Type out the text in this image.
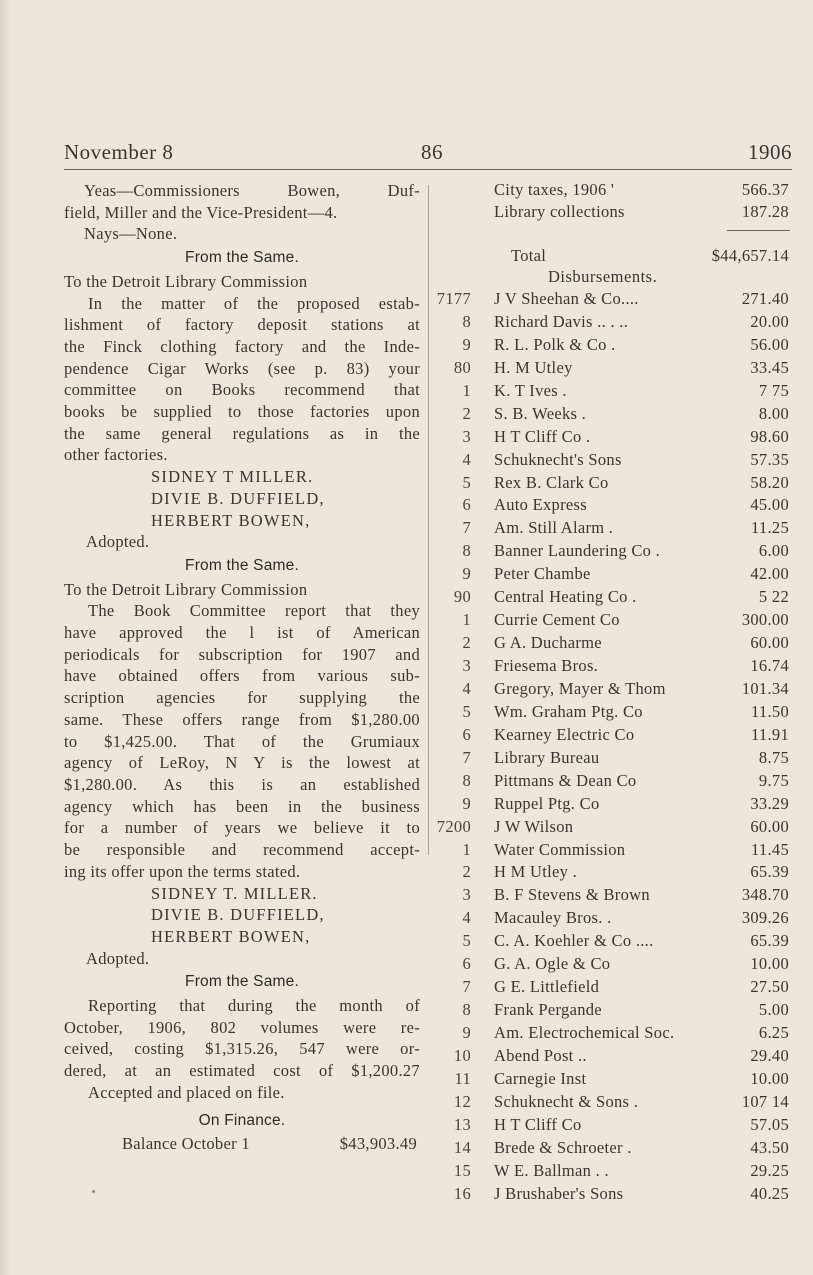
November 8	86	1906

Yeas—Commissioners Bowen, Duf-

field, Miller and the Vice-President—4.

Nays—None.

From the Same.

To the Detroit Library Commission

In the matter of the proposed estab-

lishment of factory deposit stations at

the Finck clothing factory and the Inde-

pendence Cigar Works (see p. 83) your

committee on Books recommend that

books be supplied to those factories upon

the same general regulations as in the

other factories.

SIDNEY T MILLER.

DIVIE B. DUFFIELD,

HERBERT BOWEN,

Adopted.

From the Same.

To the Detroit Library Commission

The Book Committee report that they

have approved the l ist of American

periodicals for subscription for 1907 and

have obtained offers from various sub-

scription agencies for supplying the

same. These offers range from $1,280.00

to $1,425.00. That of the Grumiaux

agency of LeRoy, N Y is the lowest at

$1,280.00. As this is an established

agency which has been in the business

for a number of years we believe it to

be responsible and recommend accept-

ing its offer upon the terms stated.

SIDNEY T. MILLER.

DIVIE B. DUFFIELD,

HERBERT BOWEN,

Adopted.

From the Same.

Reporting that during the month of

October, 1906, 802 volumes were re-

ceived, costing $1,315.26, 547 were or-

dered, at an estimated cost of $1,200.27

Accepted and placed on file.

On Finance.

Balance October 1	$43,903.49

City taxes, 1906 '	566.37
Library collections	187.28
Total	$44,657.14
Disbursements.
7177 J V Sheehan & Co....	271.40
8 Richard Davis .. . ..	20.00
9 R. L. Polk & Co .	56.00
80 H. M Utley	33.45
1 K. T Ives .	7 75
2 S. B. Weeks .	8.00
3 H T Cliff Co .	98.60
4 Schuknecht's Sons	57.35
5 Rex B. Clark Co	58.20
6 Auto Express	45.00
7 Am. Still Alarm .	11.25
8 Banner Laundering Co .	6.00
9 Peter Chambe	42.00
90 Central Heating Co .	5 22
1 Currie Cement Co	300.00
2 G A. Ducharme	60.00
3 Friesema Bros.	16.74
4 Gregory, Mayer & Thom	101.34
5 Wm. Graham Ptg. Co	11.50
6 Kearney Electric Co	11.91
7 Library Bureau	8.75
8 Pittmans & Dean Co	9.75
9 Ruppel Ptg. Co	33.29
7200 J W Wilson	60.00
1 Water Commission	11.45
2 H M Utley .	65.39
3 B. F Stevens & Brown	348.70
4 Macauley Bros. .	309.26
5 C. A. Koehler & Co ....	65.39
6 G. A. Ogle & Co	10.00
7 G E. Littlefield	27.50
8 Frank Pergande	5.00
9 Am. Electrochemical Soc.	6.25
10 Abend Post ..	29.40
11 Carnegie Inst	10.00
12 Schuknecht & Sons .	107 14
13 H T Cliff Co	57.05
14 Brede & Schroeter .	43.50
15 W E. Ballman . .	29.25
16 J Brushaber's Sons	40.25
